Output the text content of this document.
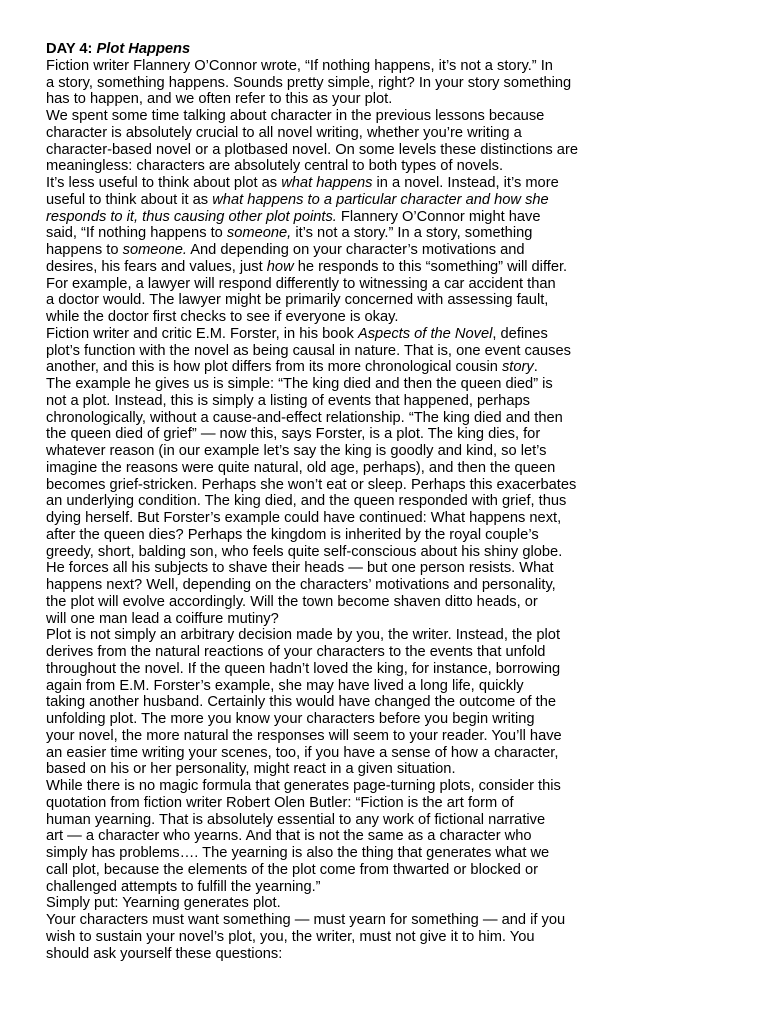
DAY 4: Plot Happens
Fiction writer Flannery O’Connor wrote, “If nothing happens, it’s not a story.” In
a story, something happens. Sounds pretty simple, right? In your story something
has to happen, and we often refer to this as your plot.
We spent some time talking about character in the previous lessons because
character is absolutely crucial to all novel writing, whether you’re writing a
character-based novel or a plotbased novel. On some levels these distinctions are
meaningless: characters are absolutely central to both types of novels.
It’s less useful to think about plot as what happens in a novel. Instead, it’s more
useful to think about it as what happens to a particular character and how she
responds to it, thus causing other plot points. Flannery O’Connor might have
said, “If nothing happens to someone, it’s not a story.” In a story, something
happens to someone. And depending on your character’s motivations and
desires, his fears and values, just how he responds to this “something” will differ.
For example, a lawyer will respond differently to witnessing a car accident than
a doctor would. The lawyer might be primarily concerned with assessing fault,
while the doctor first checks to see if everyone is okay.
Fiction writer and critic E.M. Forster, in his book Aspects of the Novel, defines
plot’s function with the novel as being causal in nature. That is, one event causes
another, and this is how plot differs from its more chronological cousin story.
The example he gives us is simple: “The king died and then the queen died” is
not a plot. Instead, this is simply a listing of events that happened, perhaps
chronologically, without a cause-and-effect relationship. “The king died and then
the queen died of grief” — now this, says Forster, is a plot. The king dies, for
whatever reason (in our example let’s say the king is goodly and kind, so let’s
imagine the reasons were quite natural, old age, perhaps), and then the queen
becomes grief-stricken. Perhaps she won’t eat or sleep. Perhaps this exacerbates
an underlying condition. The king died, and the queen responded with grief, thus
dying herself. But Forster’s example could have continued: What happens next,
after the queen dies? Perhaps the kingdom is inherited by the royal couple’s
greedy, short, balding son, who feels quite self-conscious about his shiny globe.
He forces all his subjects to shave their heads — but one person resists. What
happens next? Well, depending on the characters’ motivations and personality,
the plot will evolve accordingly. Will the town become shaven ditto heads, or
will one man lead a coiffure mutiny?
Plot is not simply an arbitrary decision made by you, the writer. Instead, the plot
derives from the natural reactions of your characters to the events that unfold
throughout the novel. If the queen hadn’t loved the king, for instance, borrowing
again from E.M. Forster’s example, she may have lived a long life, quickly
taking another husband. Certainly this would have changed the outcome of the
unfolding plot. The more you know your characters before you begin writing
your novel, the more natural the responses will seem to your reader. You’ll have
an easier time writing your scenes, too, if you have a sense of how a character,
based on his or her personality, might react in a given situation.
While there is no magic formula that generates page-turning plots, consider this
quotation from fiction writer Robert Olen Butler: “Fiction is the art form of
human yearning. That is absolutely essential to any work of fictional narrative
art — a character who yearns. And that is not the same as a character who
simply has problems…. The yearning is also the thing that generates what we
call plot, because the elements of the plot come from thwarted or blocked or
challenged attempts to fulfill the yearning.”
Simply put: Yearning generates plot.
Your characters must want something — must yearn for something — and if you
wish to sustain your novel’s plot, you, the writer, must not give it to him. You
should ask yourself these questions:
